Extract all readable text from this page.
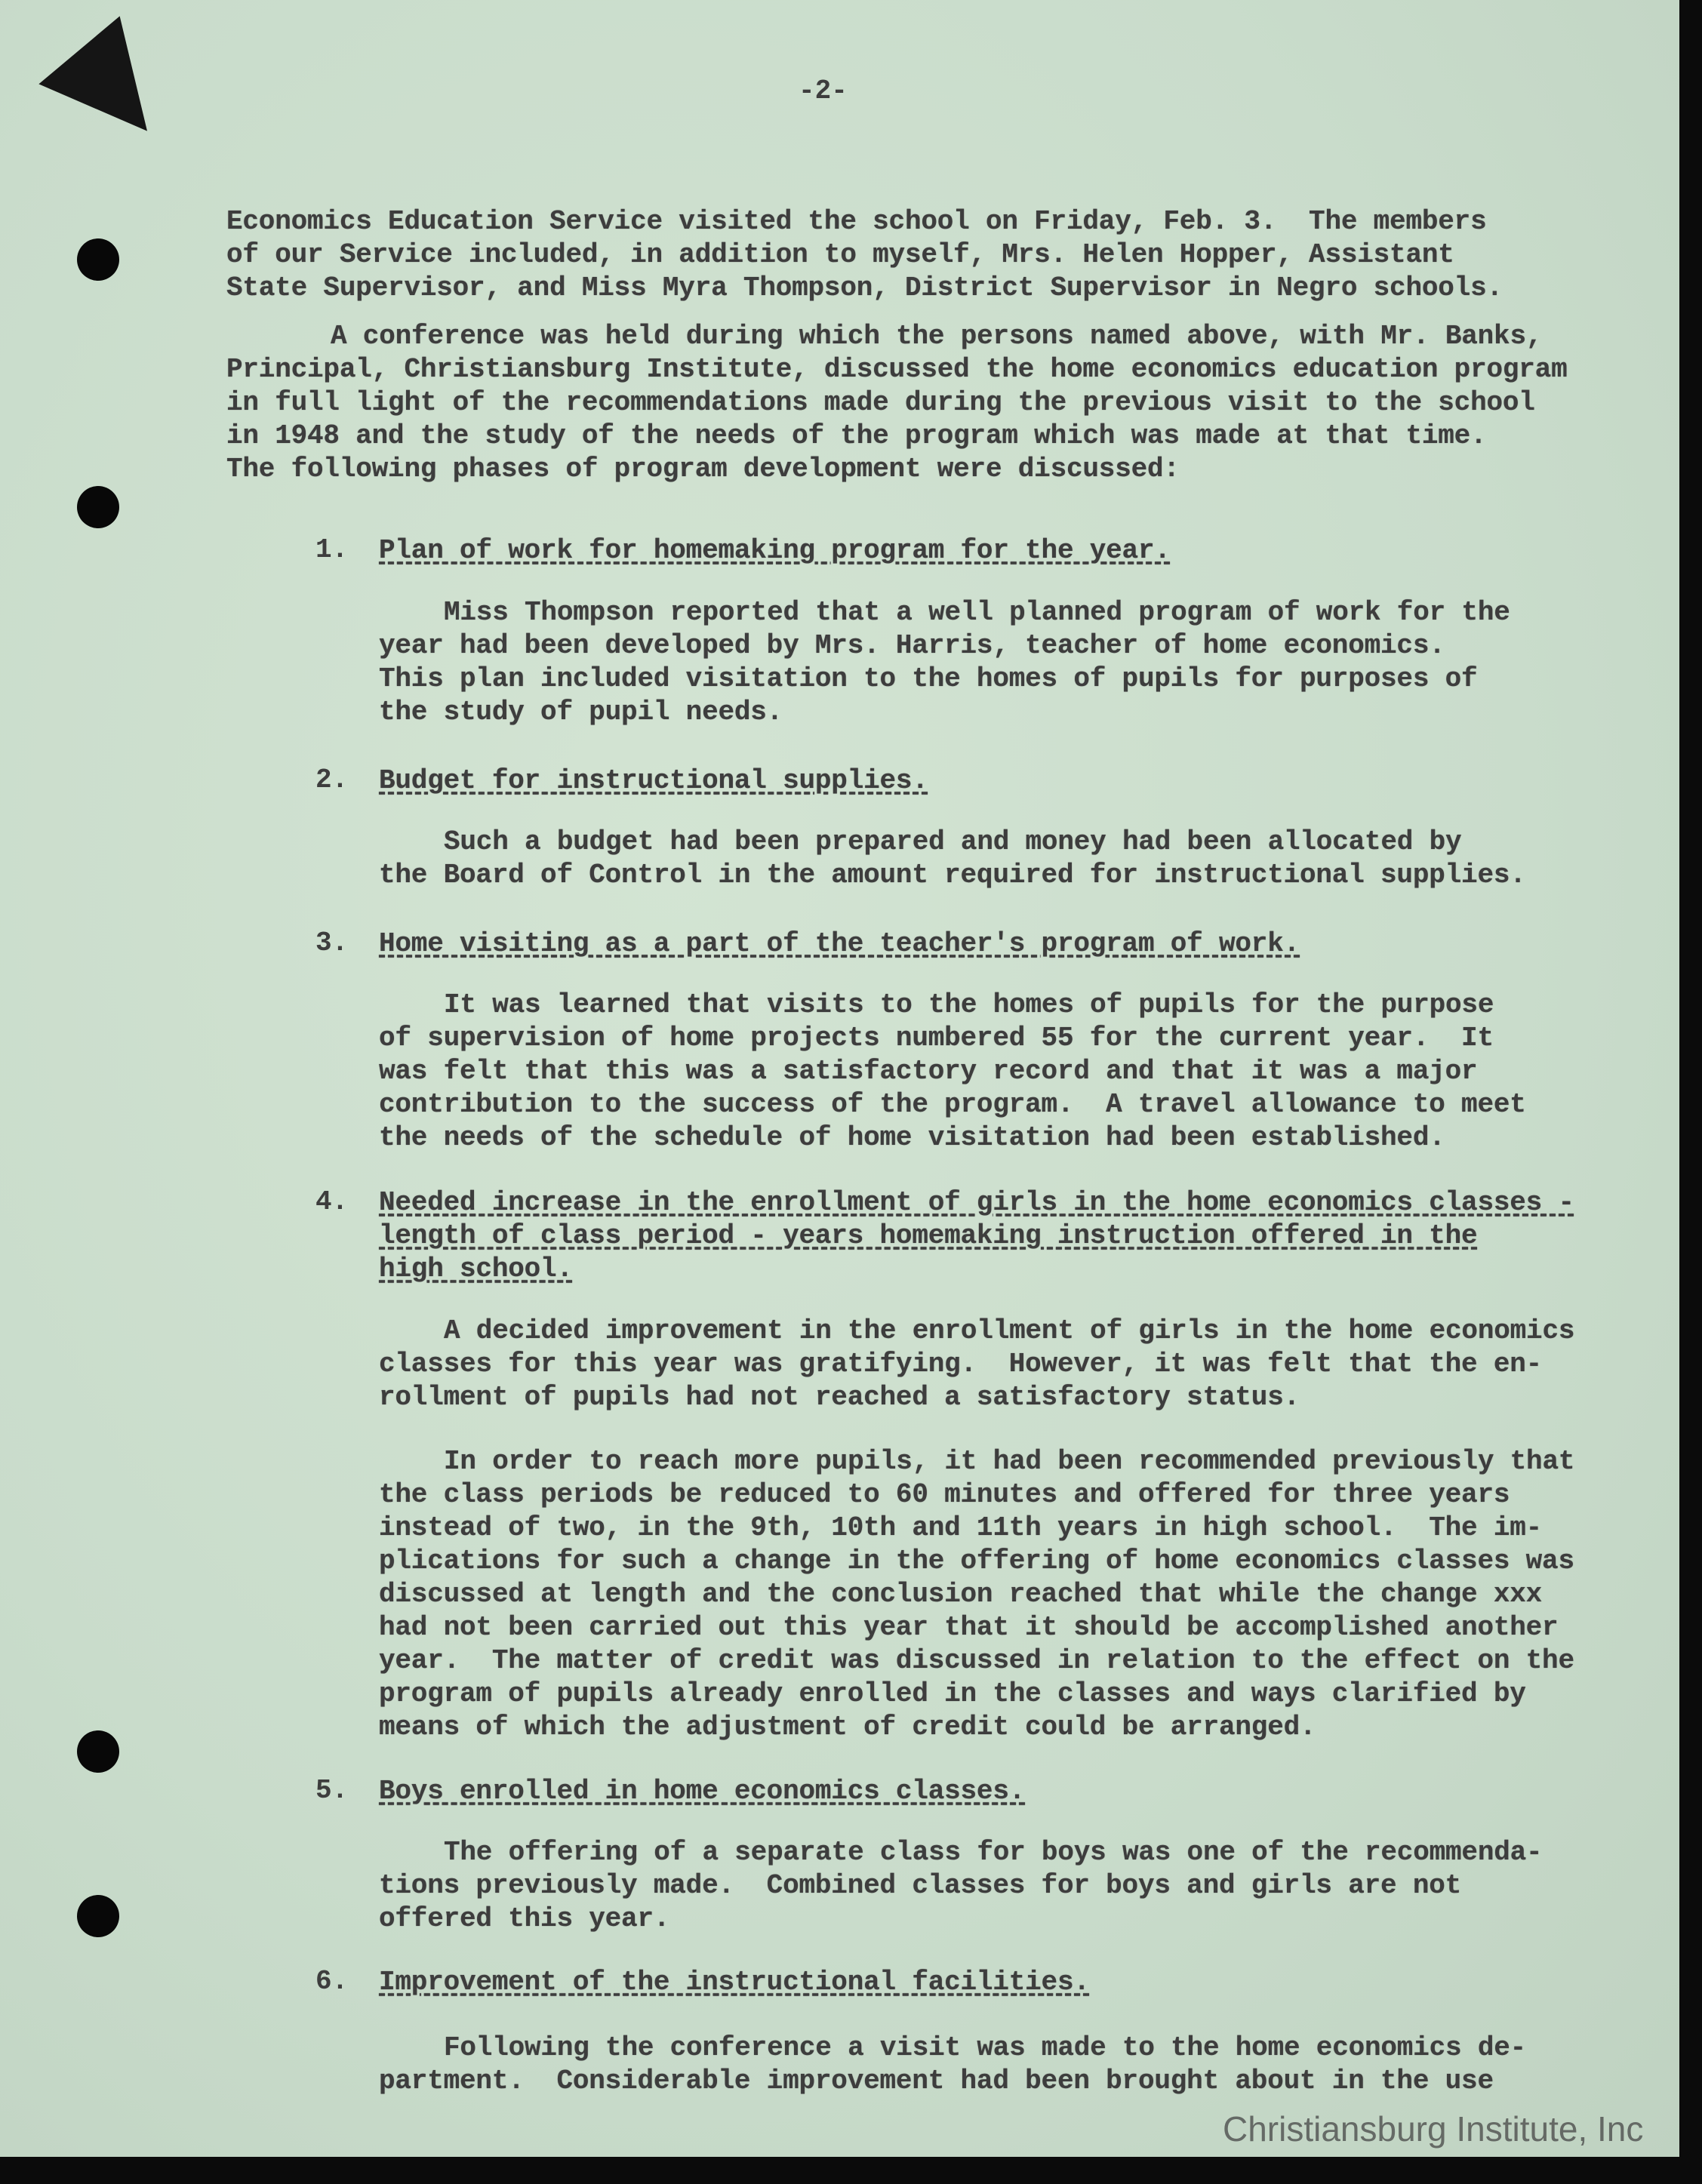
-2-
Economics Education Service visited the school on Friday, Feb. 3.  The members
of our Service included, in addition to myself, Mrs. Helen Hopper, Assistant
State Supervisor, and Miss Myra Thompson, District Supervisor in Negro schools.
A conference was held during which the persons named above, with Mr. Banks,
Principal, Christiansburg Institute, discussed the home economics education program
in full light of the recommendations made during the previous visit to the school
in 1948 and the study of the needs of the program which was made at that time.
The following phases of program development were discussed:
1. Plan of work for homemaking program for the year.
Miss Thompson reported that a well planned program of work for the
year had been developed by Mrs. Harris, teacher of home economics.
This plan included visitation to the homes of pupils for purposes of
the study of pupil needs.
2. Budget for instructional supplies.
Such a budget had been prepared and money had been allocated by
the Board of Control in the amount required for instructional supplies.
3. Home visiting as a part of the teacher's program of work.
It was learned that visits to the homes of pupils for the purpose
of supervision of home projects numbered 55 for the current year.  It
was felt that this was a satisfactory record and that it was a major
contribution to the success of the program.  A travel allowance to meet
the needs of the schedule of home visitation had been established.
4. Needed increase in the enrollment of girls in the home economics classes -
length of class period - years homemaking instruction offered in the
high school.
A decided improvement in the enrollment of girls in the home economics
classes for this year was gratifying.  However, it was felt that the en-
rollment of pupils had not reached a satisfactory status.
In order to reach more pupils, it had been recommended previously that
the class periods be reduced to 60 minutes and offered for three years
instead of two, in the 9th, 10th and 11th years in high school.  The im-
plications for such a change in the offering of home economics classes was
discussed at length and the conclusion reached that while the change xxx
had not been carried out this year that it should be accomplished another
year.  The matter of credit was discussed in relation to the effect on the
program of pupils already enrolled in the classes and ways clarified by
means of which the adjustment of credit could be arranged.
5. Boys enrolled in home economics classes.
The offering of a separate class for boys was one of the recommenda-
tions previously made.  Combined classes for boys and girls are not
offered this year.
6. Improvement of the instructional facilities.
Following the conference a visit was made to the home economics de-
partment.  Considerable improvement had been brought about in the use
Christiansburg Institute, Inc
